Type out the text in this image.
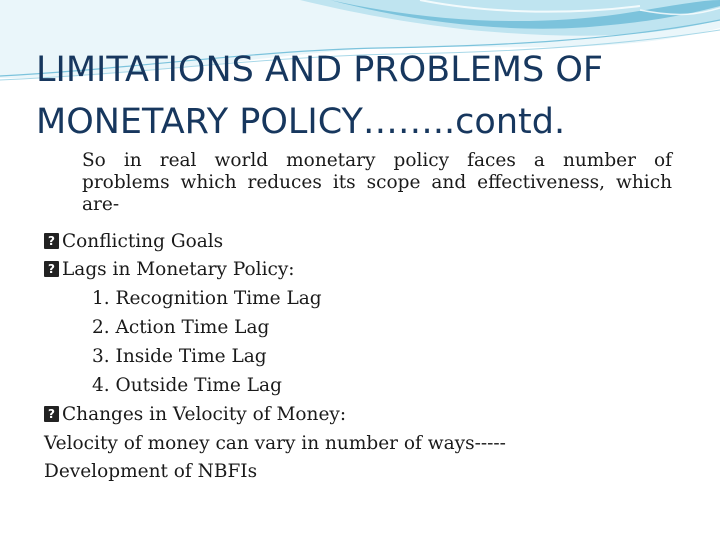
LIMITATIONS AND PROBLEMS OF
MONETARY POLICY……..contd.

So in real world monetary policy faces a number of
problems which reduces its scope and effectiveness, which
are-

?Conflicting Goals
?Lags in Monetary Policy:
1. Recognition Time Lag
2. Action Time Lag
3. Inside Time Lag
4. Outside Time Lag
?Changes in Velocity of Money:
Velocity of money can vary in number of ways-----
Development of NBFIs
